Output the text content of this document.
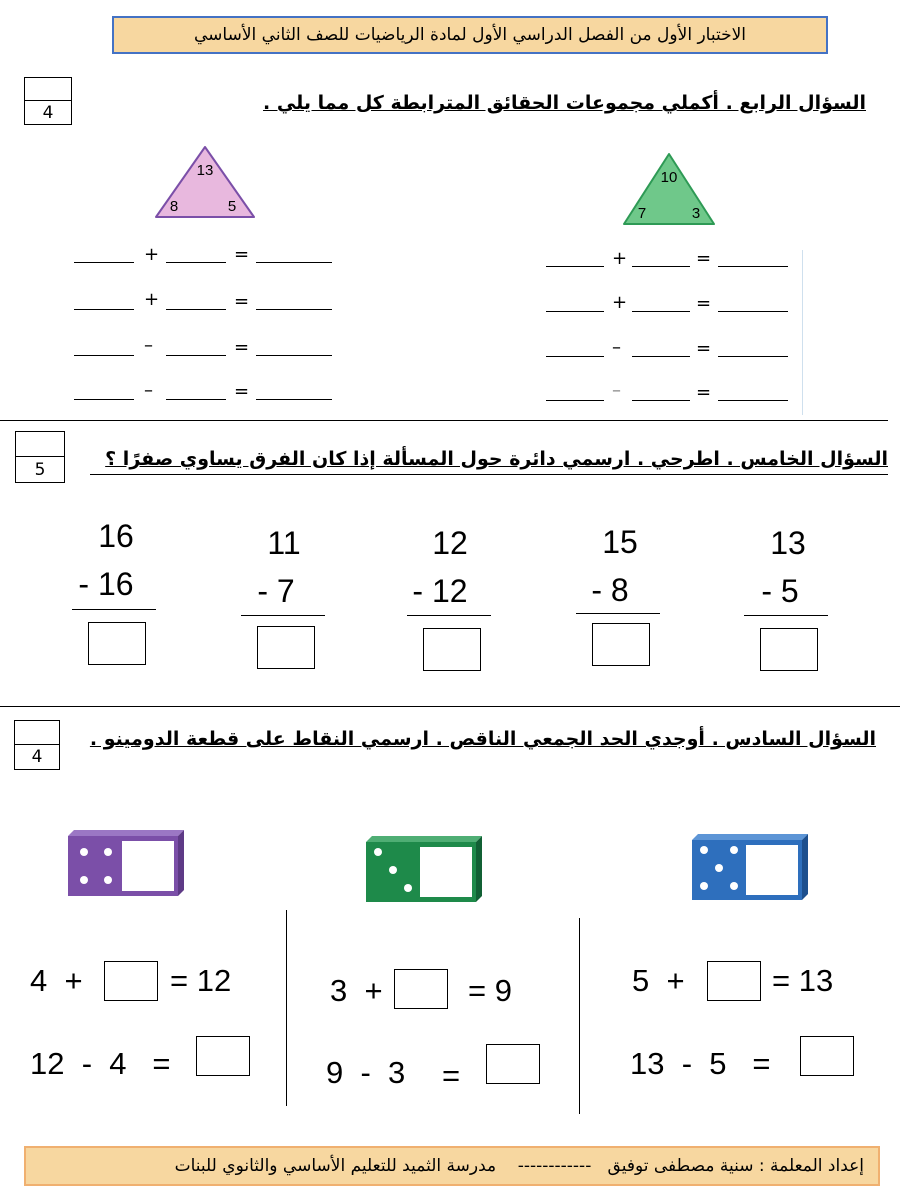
الاختبار الأول من الفصل الدراسي الأول لمادة الرياضيات للصف الثاني الأساسي
4	السؤال الرابع . أكملي مجموعات الحقائق المترابطة كل مما يلي .
13
8	5
10
7	3
+	=
+	=
–	=
–	=
+	=
+	=
–	=
–	=
5	السؤال الخامس . اطرحي . ارسمي دائرة حول المسألة إذا كان الفرق يساوي صفرًا ؟
16
- 16
11
- 7
12
- 12
15
- 8
13
- 5
4
السؤال السادس . أوجدي الحد الجمعي الناقص . ارسمي النقاط على قطعة الدومينو .
4  +	= 12
12  -  4   =
3  +	= 9
9  -  3 =
5  +	= 13
13  -  5   =
إعداد المعلمة : سنية مصطفى توفيق   ------------    مدرسة الثميد للتعليم الأساسي والثانوي للبنات
